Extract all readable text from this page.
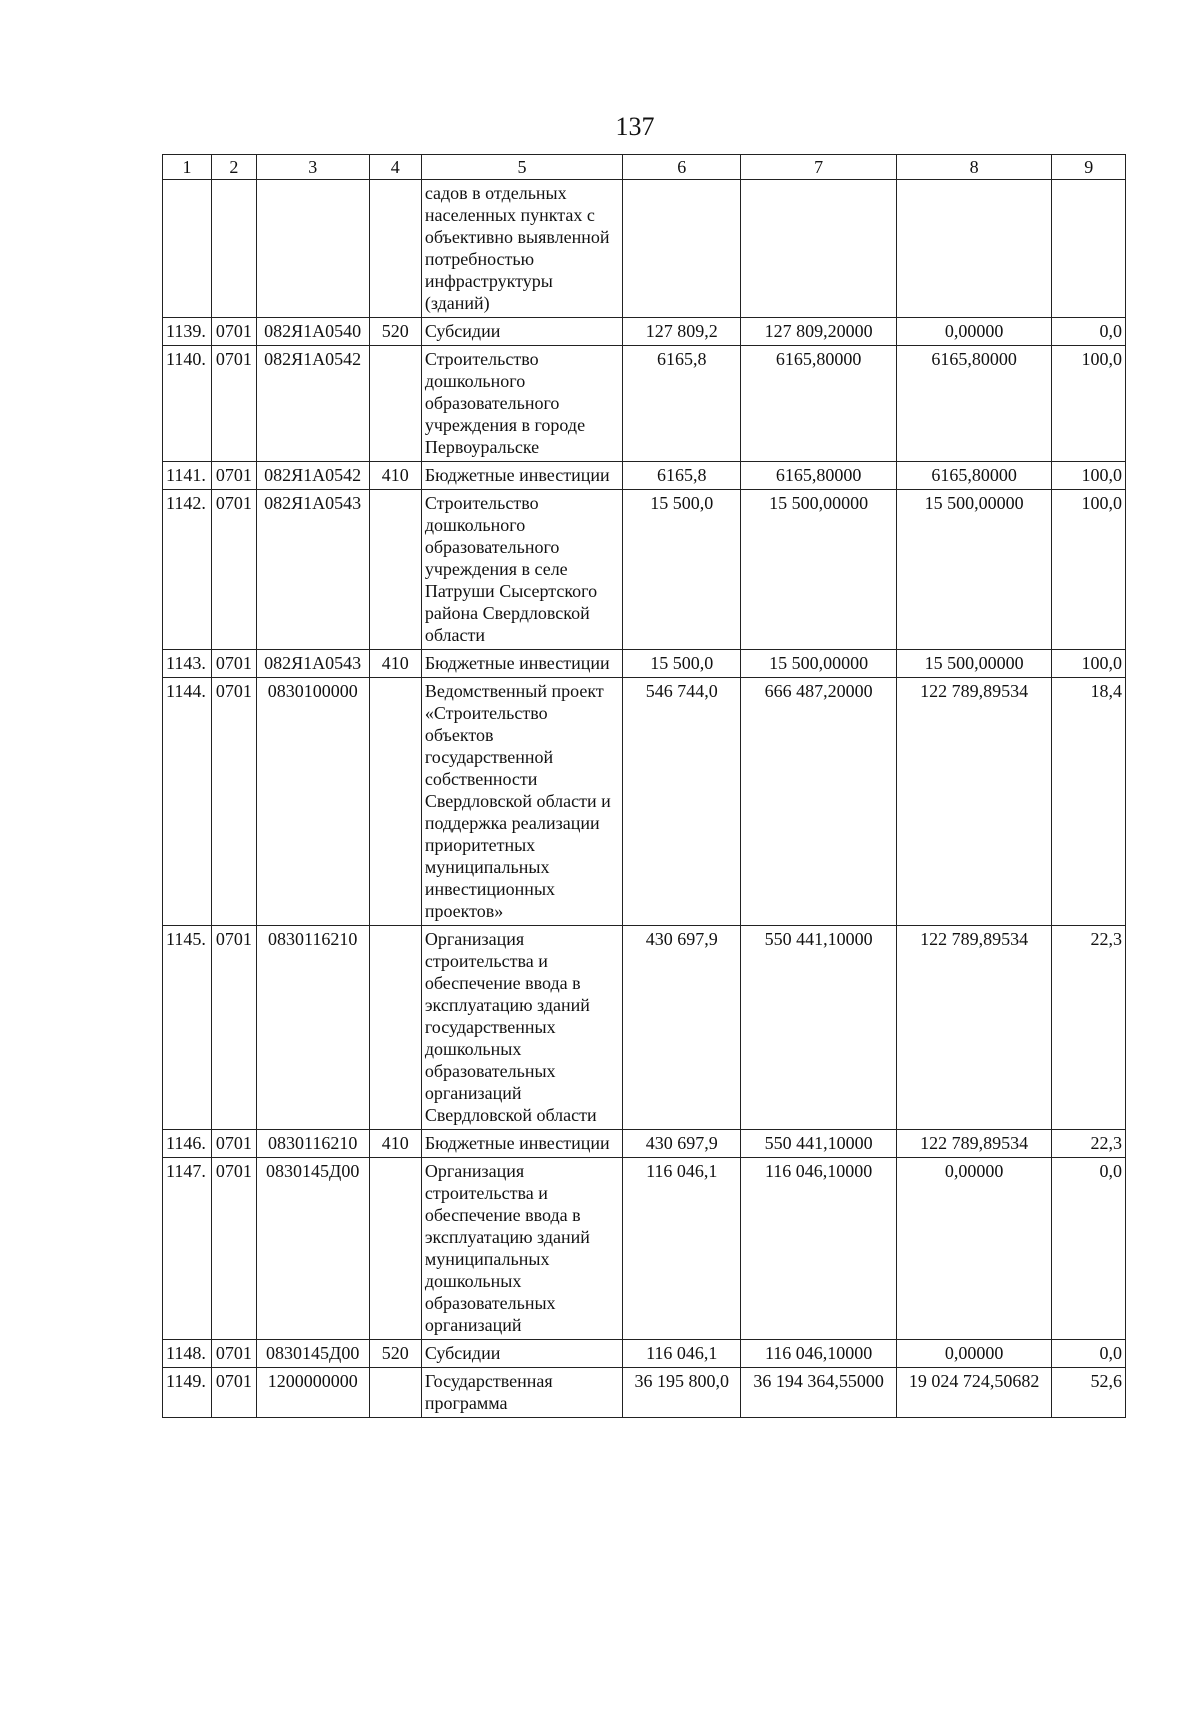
137
1	2	3	4	5	6	7	8	9
				садов в отдельных населенных пунктах с объективно выявленной потребностью инфраструктуры (зданий)				
1139.	0701	082Я1А0540	520	Субсидии	127 809,2	127 809,20000	0,00000	0,0
1140.	0701	082Я1А0542		Строительство дошкольного образовательного учреждения в городе Первоуральске	6165,8	6165,80000	6165,80000	100,0
1141.	0701	082Я1А0542	410	Бюджетные инвестиции	6165,8	6165,80000	6165,80000	100,0
1142.	0701	082Я1А0543		Строительство дошкольного образовательного учреждения в селе Патруши Сысертского района Свердловской области	15 500,0	15 500,00000	15 500,00000	100,0
1143.	0701	082Я1А0543	410	Бюджетные инвестиции	15 500,0	15 500,00000	15 500,00000	100,0
1144.	0701	0830100000		Ведомственный проект «Строительство объектов государственной собственности Свердловской области и поддержка реализации приоритетных муниципальных инвестиционных проектов»	546 744,0	666 487,20000	122 789,89534	18,4
1145.	0701	0830116210		Организация строительства и обеспечение ввода в эксплуатацию зданий государственных дошкольных образовательных организаций Свердловской области	430 697,9	550 441,10000	122 789,89534	22,3
1146.	0701	0830116210	410	Бюджетные инвестиции	430 697,9	550 441,10000	122 789,89534	22,3
1147.	0701	0830145Д00		Организация строительства и обеспечение ввода в эксплуатацию зданий муниципальных дошкольных образовательных организаций	116 046,1	116 046,10000	0,00000	0,0
1148.	0701	0830145Д00	520	Субсидии	116 046,1	116 046,10000	0,00000	0,0
1149.	0701	1200000000		Государственная программа	36 195 800,0	36 194 364,55000	19 024 724,50682	52,6
